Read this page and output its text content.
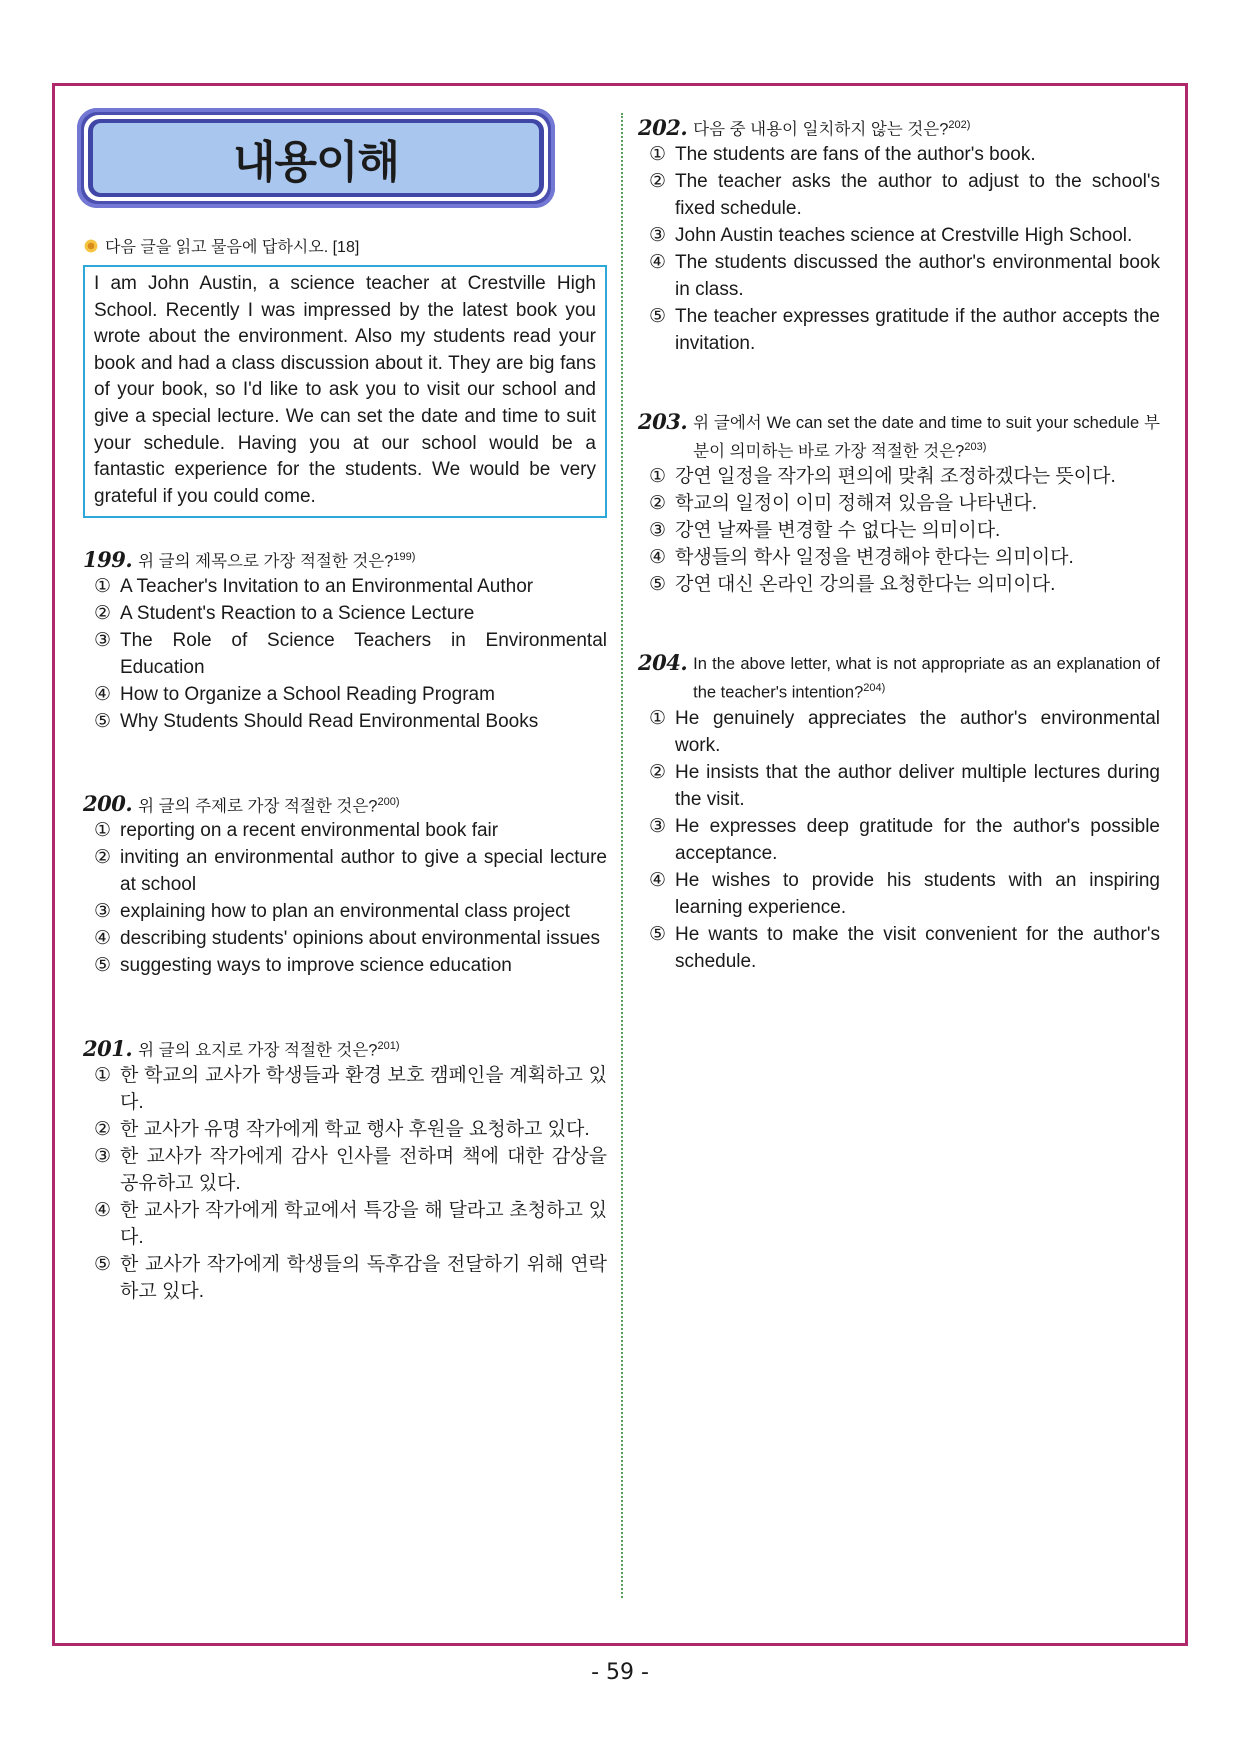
내용이해
다음 글을 읽고 물음에 답하시오. [18]
I am John Austin, a science teacher at Crestville High School. Recently I was impressed by the latest book you wrote about the environment. Also my students read your book and had a class discussion about it. They are big fans of your book, so I'd like to ask you to visit our school and give a special lecture. We can set the date and time to suit your schedule. Having you at our school would be a fantastic experience for the students. We would be very grateful if you could come.
199. 위 글의 제목으로 가장 적절한 것은?$^{199)}$
① A Teacher's Invitation to an Environmental Author
② A Student's Reaction to a Science Lecture
③ The Role of Science Teachers in Environmental Education
④ How to Organize a School Reading Program
⑤ Why Students Should Read Environmental Books
200. 위 글의 주제로 가장 적절한 것은?$^{200)}$
① reporting on a recent environmental book fair
② inviting an environmental author to give a special lecture at school
③ explaining how to plan an environmental class project
④ describing students' opinions about environmental issues
⑤ suggesting ways to improve science education
201. 위 글의 요지로 가장 적절한 것은?$^{201)}$
① 한 학교의 교사가 학생들과 환경 보호 캠페인을 계획하고 있다.
② 한 교사가 유명 작가에게 학교 행사 후원을 요청하고 있다.
③ 한 교사가 작가에게 감사 인사를 전하며 책에 대한 감상을 공유하고 있다.
④ 한 교사가 작가에게 학교에서 특강을 해 달라고 초청하고 있다.
⑤ 한 교사가 작가에게 학생들의 독후감을 전달하기 위해 연락하고 있다.
202. 다음 중 내용이 일치하지 않는 것은?$^{202)}$
① The students are fans of the author's book.
② The teacher asks the author to adjust to the school's fixed schedule.
③ John Austin teaches science at Crestville High School.
④ The students discussed the author's environmental book in class.
⑤ The teacher expresses gratitude if the author accepts the invitation.
203. 위 글에서 We can set the date and time to suit your schedule 부분이 의미하는 바로 가장 적절한 것은?$^{203)}$
① 강연 일정을 작가의 편의에 맞춰 조정하겠다는 뜻이다.
② 학교의 일정이 이미 정해져 있음을 나타낸다.
③ 강연 날짜를 변경할 수 없다는 의미이다.
④ 학생들의 학사 일정을 변경해야 한다는 의미이다.
⑤ 강연 대신 온라인 강의를 요청한다는 의미이다.
204. In the above letter, what is not appropriate as an explanation of the teacher's intention?$^{204)}$
① He genuinely appreciates the author's environmental work.
② He insists that the author deliver multiple lectures during the visit.
③ He expresses deep gratitude for the author's possible acceptance.
④ He wishes to provide his students with an inspiring learning experience.
⑤ He wants to make the visit convenient for the author's schedule.
- 59 -
